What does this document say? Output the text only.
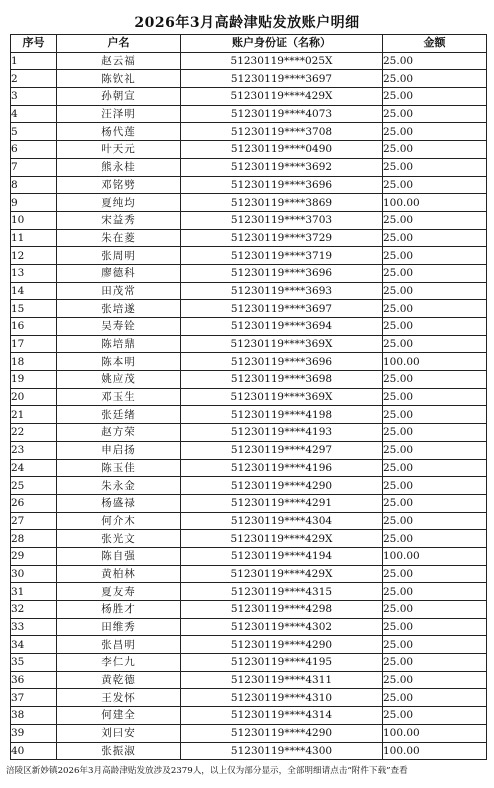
2026年3月高龄津贴发放账户明细
序号	户名	账户身份证（名称）	金额
1	赵云福	51230119****025X	25.00
2	陈钦礼	51230119****3697	25.00
3	孙朝宣	51230119****429X	25.00
4	汪泽明	51230119****4073	25.00
5	杨代莲	51230119****3708	25.00
6	叶天元	51230119****0490	25.00
7	熊永桂	51230119****3692	25.00
8	邓铭劈	51230119****3696	25.00
9	夏纯均	51230119****3869	100.00
10	宋益秀	51230119****3703	25.00
11	朱在菱	51230119****3729	25.00
12	张周明	51230119****3719	25.00
13	廖德科	51230119****3696	25.00
14	田茂常	51230119****3693	25.00
15	张培遂	51230119****3697	25.00
16	吴寿铨	51230119****3694	25.00
17	陈培鼎	51230119****369X	25.00
18	陈本明	51230119****3696	100.00
19	姚应茂	51230119****3698	25.00
20	邓玉生	51230119****369X	25.00
21	张廷绪	51230119****4198	25.00
22	赵方荣	51230119****4193	25.00
23	申启扬	51230119****4297	25.00
24	陈玉佳	51230119****4196	25.00
25	朱永金	51230119****4290	25.00
26	杨盛禄	51230119****4291	25.00
27	何介木	51230119****4304	25.00
28	张光文	51230119****429X	25.00
29	陈自强	51230119****4194	100.00
30	黄柏林	51230119****429X	25.00
31	夏友寿	51230119****4315	25.00
32	杨胜才	51230119****4298	25.00
33	田维秀	51230119****4302	25.00
34	张昌明	51230119****4290	25.00
35	李仁九	51230119****4195	25.00
36	黄乾德	51230119****4311	25.00
37	王发怀	51230119****4310	25.00
38	何建全	51230119****4314	25.00
39	刘曰安	51230119****4290	100.00
40	张振淑	51230119****4300	100.00
涪陵区新妙镇2026年3月高龄津贴发放涉及2379人，以上仅为部分显示，全部明细请点击“附件下载”查看
